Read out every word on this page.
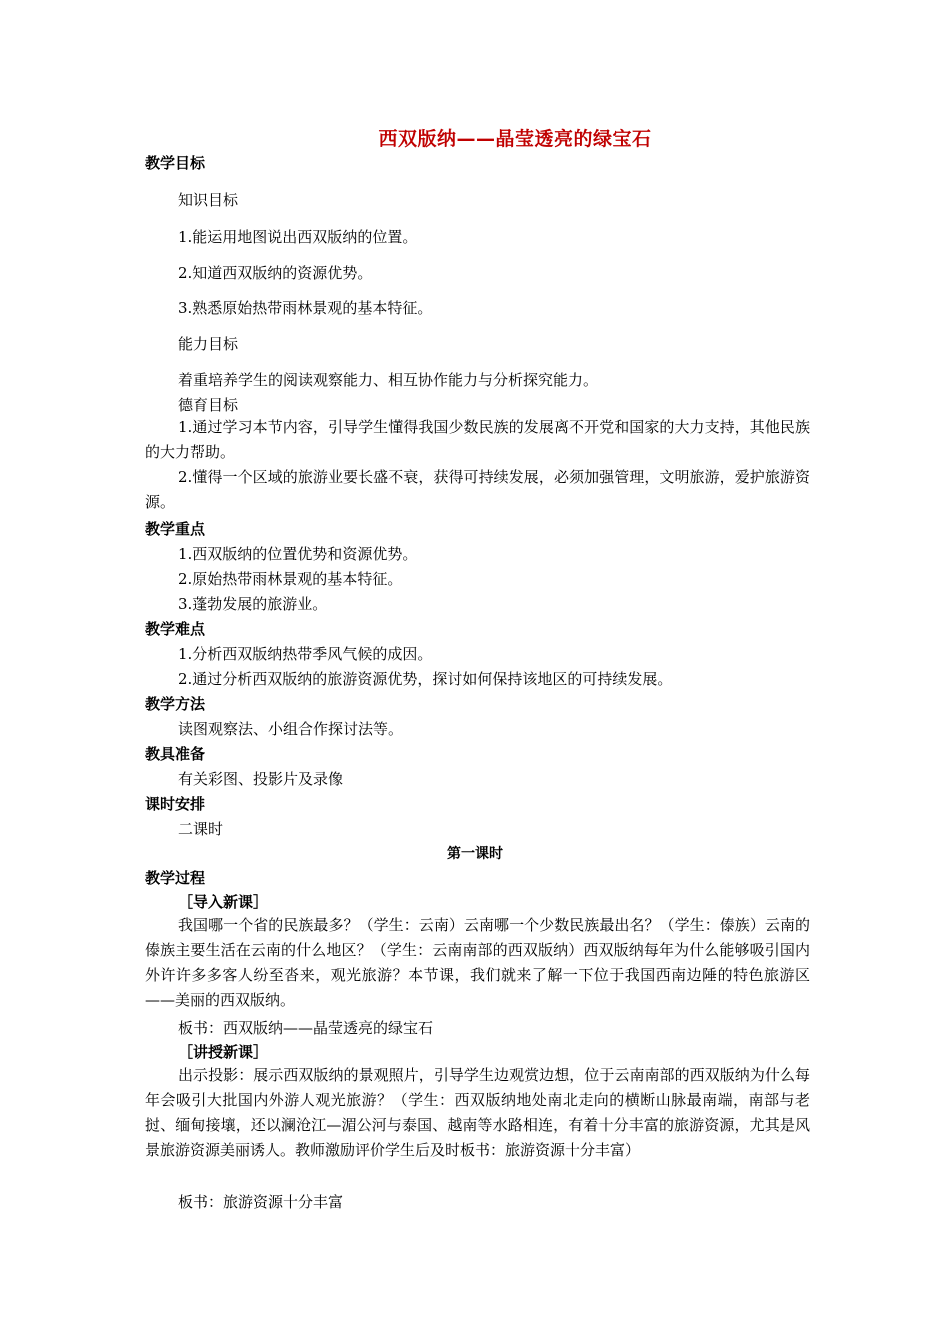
西双版纳——晶莹透亮的绿宝石
教学目标
知识目标
1.能运用地图说出西双版纳的位置。
2.知道西双版纳的资源优势。
3.熟悉原始热带雨林景观的基本特征。
能力目标
着重培养学生的阅读观察能力、相互协作能力与分析探究能力。
德育目标
1.通过学习本节内容，引导学生懂得我国少数民族的发展离不开党和国家的大力支持，其他民族的大力帮助。
2.懂得一个区域的旅游业要长盛不衰，获得可持续发展，必须加强管理，文明旅游，爱护旅游资源。
教学重点
1.西双版纳的位置优势和资源优势。
2.原始热带雨林景观的基本特征。
3.蓬勃发展的旅游业。
教学难点
1.分析西双版纳热带季风气候的成因。
2.通过分析西双版纳的旅游资源优势，探讨如何保持该地区的可持续发展。
教学方法
读图观察法、小组合作探讨法等。
教具准备
有关彩图、投影片及录像
课时安排
二课时
第一课时
教学过程
［导入新课］
我国哪一个省的民族最多？（学生：云南）云南哪一个少数民族最出名？（学生：傣族）云南的傣族主要生活在云南的什么地区？（学生：云南南部的西双版纳）西双版纳每年为什么能够吸引国内外许许多多客人纷至沓来，观光旅游？本节课，我们就来了解一下位于我国西南边陲的特色旅游区——美丽的西双版纳。
板书：西双版纳——晶莹透亮的绿宝石
［讲授新课］
出示投影：展示西双版纳的景观照片，引导学生边观赏边想，位于云南南部的西双版纳为什么每年会吸引大批国内外游人观光旅游？（学生：西双版纳地处南北走向的横断山脉最南端，南部与老挝、缅甸接壤，还以澜沧江—湄公河与泰国、越南等水路相连，有着十分丰富的旅游资源，尤其是风景旅游资源美丽诱人。教师激励评价学生后及时板书：旅游资源十分丰富）
板书：旅游资源十分丰富
